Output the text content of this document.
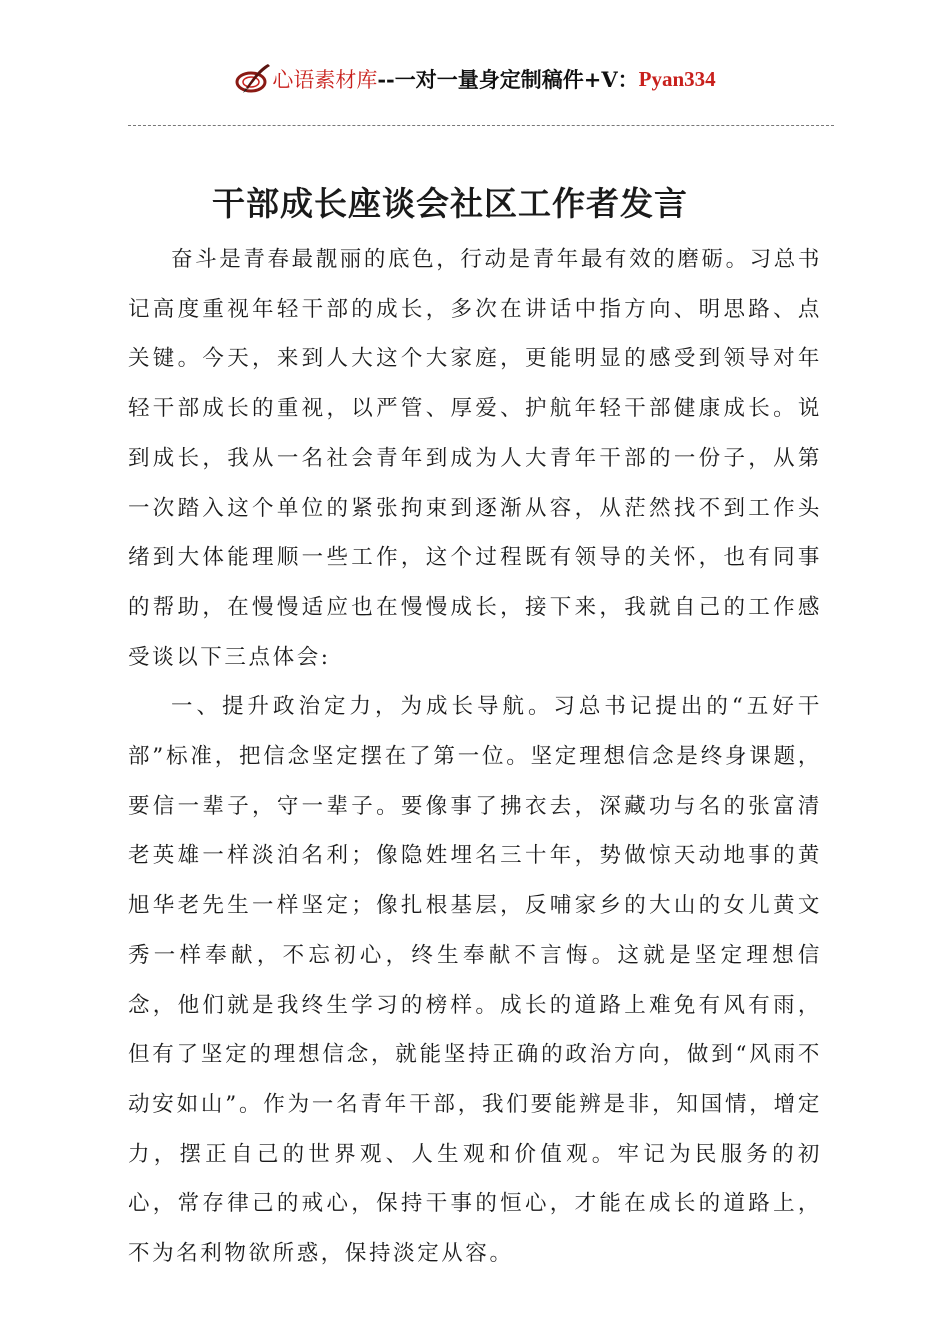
心语素材库 --一对一量身定制稿件+V： Pyan334
干部成长座谈会社区工作者发言

奋斗是青春最靓丽的底色，行动是青年最有效的磨砺。习总书记高度重视年轻干部的成长，多次在讲话中指方向、明思路、点关键。今天，来到人大这个大家庭，更能明显的感受到领导对年轻干部成长的重视，以严管、厚爱、护航年轻干部健康成长。说到成长，我从一名社会青年到成为人大青年干部的一份子，从第一次踏入这个单位的紧张拘束到逐渐从容，从茫然找不到工作头绪到大体能理顺一些工作，这个过程既有领导的关怀，也有同事的帮助，在慢慢适应也在慢慢成长，接下来，我就自己的工作感受谈以下三点体会:

一、提升政治定力，为成长导航。习总书记提出的“五好干部”标准，把信念坚定摆在了第一位。坚定理想信念是终身课题，要信一辈子，守一辈子。要像事了拂衣去，深藏功与名的张富清老英雄一样淡泊名利；像隐姓埋名三十年，势做惊天动地事的黄旭华老先生一样坚定；像扎根基层，反哺家乡的大山的女儿黄文秀一样奉献，不忘初心，终生奉献不言悔。这就是坚定理想信念，他们就是我终生学习的榜样。成长的道路上难免有风有雨，但有了坚定的理想信念，就能坚持正确的政治方向，做到“风雨不动安如山”。作为一名青年干部，我们要能辨是非，知国情，增定力，摆正自己的世界观、人生观和价值观。牢记为民服务的初心，常存律己的戒心，保持干事的恒心，才能在成长的道路上，不为名利物欲所惑，保持淡定从容。
